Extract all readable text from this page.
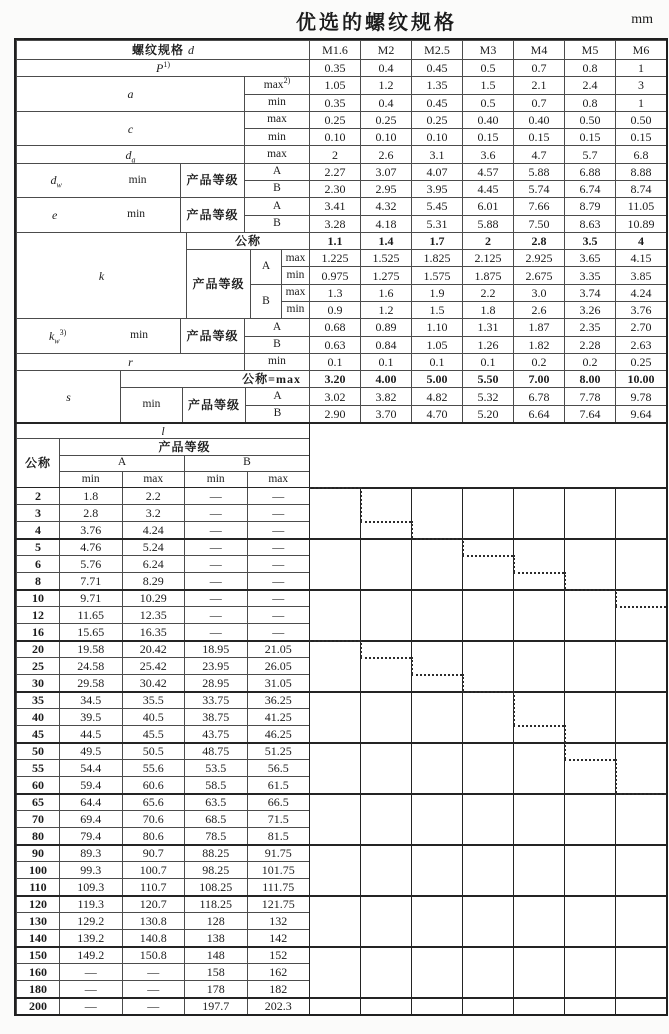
优选的螺纹规格	mm
螺纹规格 d	M1.6	M2	M2.5	M3	M4	M5	M6
$P^{1)}$	0.35	0.4	0.45	0.5	0.7	0.8	1
a
$\max^{2)}$	1.05	1.2	1.35	1.5	2.1	2.4	3
min	0.35	0.4	0.45	0.5	0.7	0.8	1
c
max	0.25	0.25	0.25	0.40	0.40	0.50	0.50
min	0.10	0.10	0.10	0.15	0.15	0.15	0.15
$d_a$	max	2	2.6	3.1	3.6	4.7	5.7	6.8
$d_w$	min	产品等级
A	2.27	3.07	4.07	4.57	5.88	6.88	8.88
B	2.30	2.95	3.95	4.45	5.74	6.74	8.74
e	min	产品等级
A	3.41	4.32	5.45	6.01	7.66	8.79	11.05
B	3.28	4.18	5.31	5.88	7.50	8.63	10.89
k
公称	1.1	1.4	1.7	2	2.8	3.5	4
产品等级
A
max	1.225	1.525	1.825	2.125	2.925	3.65	4.15
min	0.975	1.275	1.575	1.875	2.675	3.35	3.85
B
max	1.3	1.6	1.9	2.2	3.0	3.74	4.24
min	0.9	1.2	1.5	1.8	2.6	3.26	3.76
$k_w^{3)}$	min	产品等级
A	0.68	0.89	1.10	1.31	1.87	2.35	2.70
B	0.63	0.84	1.05	1.26	1.82	2.28	2.63
r	min	0.1	0.1	0.1	0.1	0.2	0.2	0.25
s
公称=max	3.20	4.00	5.00	5.50	7.00	8.00	10.00
min	产品等级
A	3.02	3.82	4.82	5.32	6.78	7.78	9.78
B	2.90	3.70	4.70	5.20	6.64	7.64	9.64
l
产品等级
公称	A	B
min	max	min	max
2	1.8	2.2	—	—
3	2.8	3.2	—	—
4	3.76	4.24	—	—
5	4.76	5.24	—	—
6	5.76	6.24	—	—
8	7.71	8.29	—	—
10	9.71	10.29	—	—
12	11.65	12.35	—	—
16	15.65	16.35	—	—
20	19.58	20.42	18.95	21.05
25	24.58	25.42	23.95	26.05
30	29.58	30.42	28.95	31.05
35	34.5	35.5	33.75	36.25
40	39.5	40.5	38.75	41.25
45	44.5	45.5	43.75	46.25
50	49.5	50.5	48.75	51.25
55	54.4	55.6	53.5	56.5
60	59.4	60.6	58.5	61.5
65	64.4	65.6	63.5	66.5
70	69.4	70.6	68.5	71.5
80	79.4	80.6	78.5	81.5
90	89.3	90.7	88.25	91.75
100	99.3	100.7	98.25	101.75
110	109.3	110.7	108.25	111.75
120	119.3	120.7	118.25	121.75
130	129.2	130.8	128	132
140	139.2	140.8	138	142
150	149.2	150.8	148	152
160	—	—	158	162
180	—	—	178	182
200	—	—	197.7	202.3
